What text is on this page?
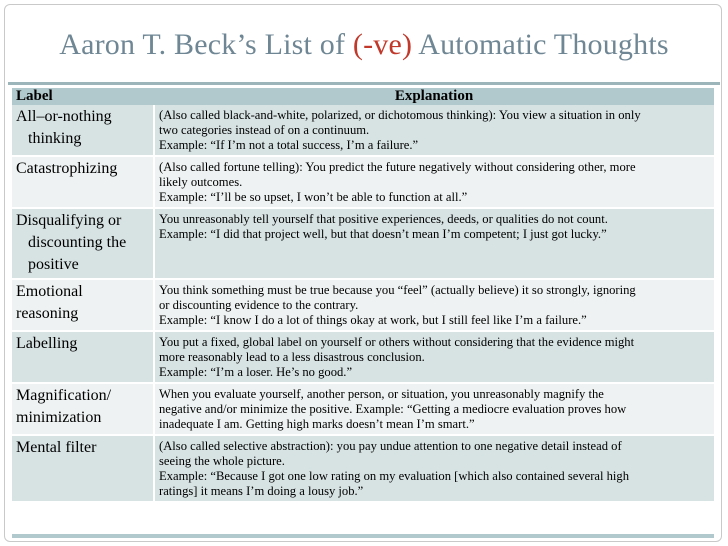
Aaron T. Beck’s List of (-ve) Automatic Thoughts
Label	Explanation

All–or-nothing
thinking	(Also called black-and-white, polarized, or dichotomous thinking): You view a situation in only
two categories instead of on a continuum.
Example: “If I’m not a total success, I’m a failure.”

Catastrophizing	(Also called fortune telling): You predict the future negatively without considering other, more
likely outcomes.
Example: “I’ll be so upset, I won’t be able to function at all.”

Disqualifying or
discounting the
positive	You unreasonably tell yourself that positive experiences, deeds, or qualities do not count.
Example: “I did that project well, but that doesn’t mean I’m competent; I just got lucky.”

Emotional
reasoning	You think something must be true because you “feel” (actually believe) it so strongly, ignoring
or discounting evidence to the contrary.
Example: “I know I do a lot of things okay at work, but I still feel like I’m a failure.”

Labelling	You put a fixed, global label on yourself or others without considering that the evidence might
more reasonably lead to a less disastrous conclusion.
Example: “I’m a loser. He’s no good.”

Magnification/
minimization	When you evaluate yourself, another person, or situation, you unreasonably magnify the
negative and/or minimize the positive. Example: “Getting a mediocre evaluation proves how
inadequate I am. Getting high marks doesn’t mean I’m smart.”

Mental filter	(Also called selective abstraction): you pay undue attention to one negative detail instead of
seeing the whole picture.
Example: “Because I got one low rating on my evaluation [which also contained several high
ratings] it means I’m doing a lousy job.”
